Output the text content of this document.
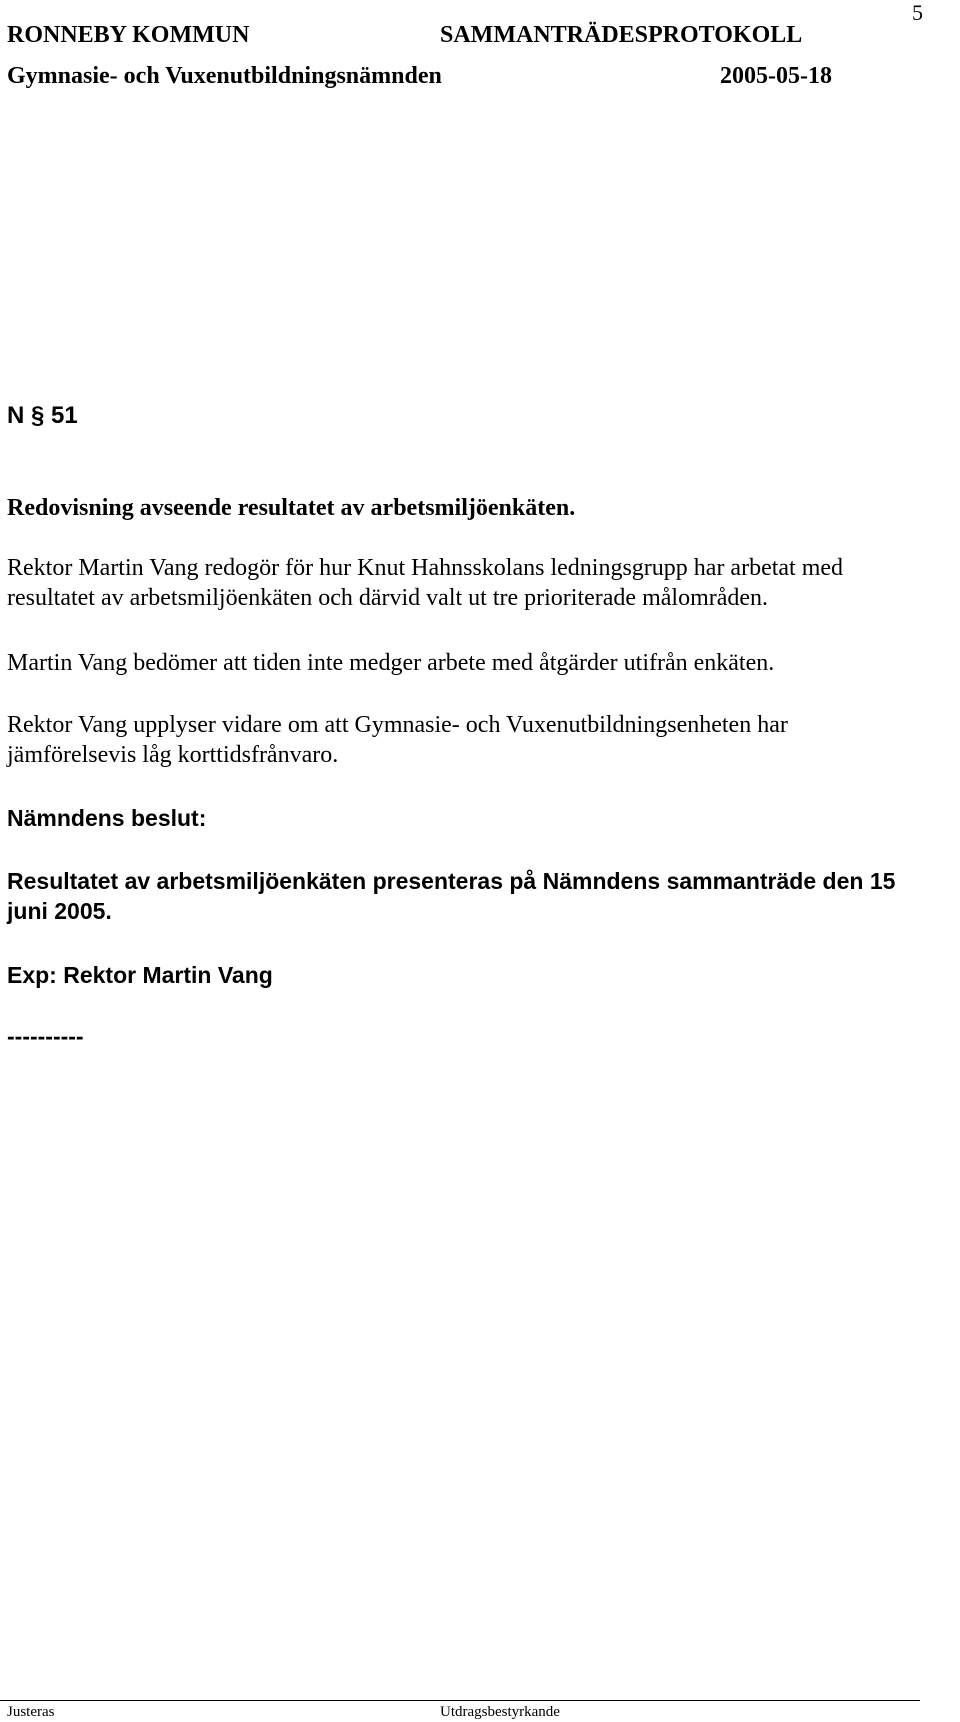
RONNEBY KOMMUN	SAMMANTRÄDESPROTOKOLL
5
Gymnasie- och Vuxenutbildningsnämnden	2005-05-18
N § 51
Redovisning avseende resultatet av arbetsmiljöenkäten.
Rektor Martin Vang redogör för hur Knut Hahnsskolans ledningsgrupp har arbetat med
resultatet av arbetsmiljöenkäten och därvid valt ut tre prioriterade målområden.
Martin Vang bedömer att tiden inte medger arbete med åtgärder utifrån enkäten.
Rektor Vang upplyser vidare om att Gymnasie- och Vuxenutbildningsenheten har
jämförelsevis låg korttidsfrånvaro.
Nämndens beslut:
Resultatet av arbetsmiljöenkäten presenteras på Nämndens sammanträde den 15
juni 2005.
Exp: Rektor Martin Vang
----------
Justeras	Utdragsbestyrkande
